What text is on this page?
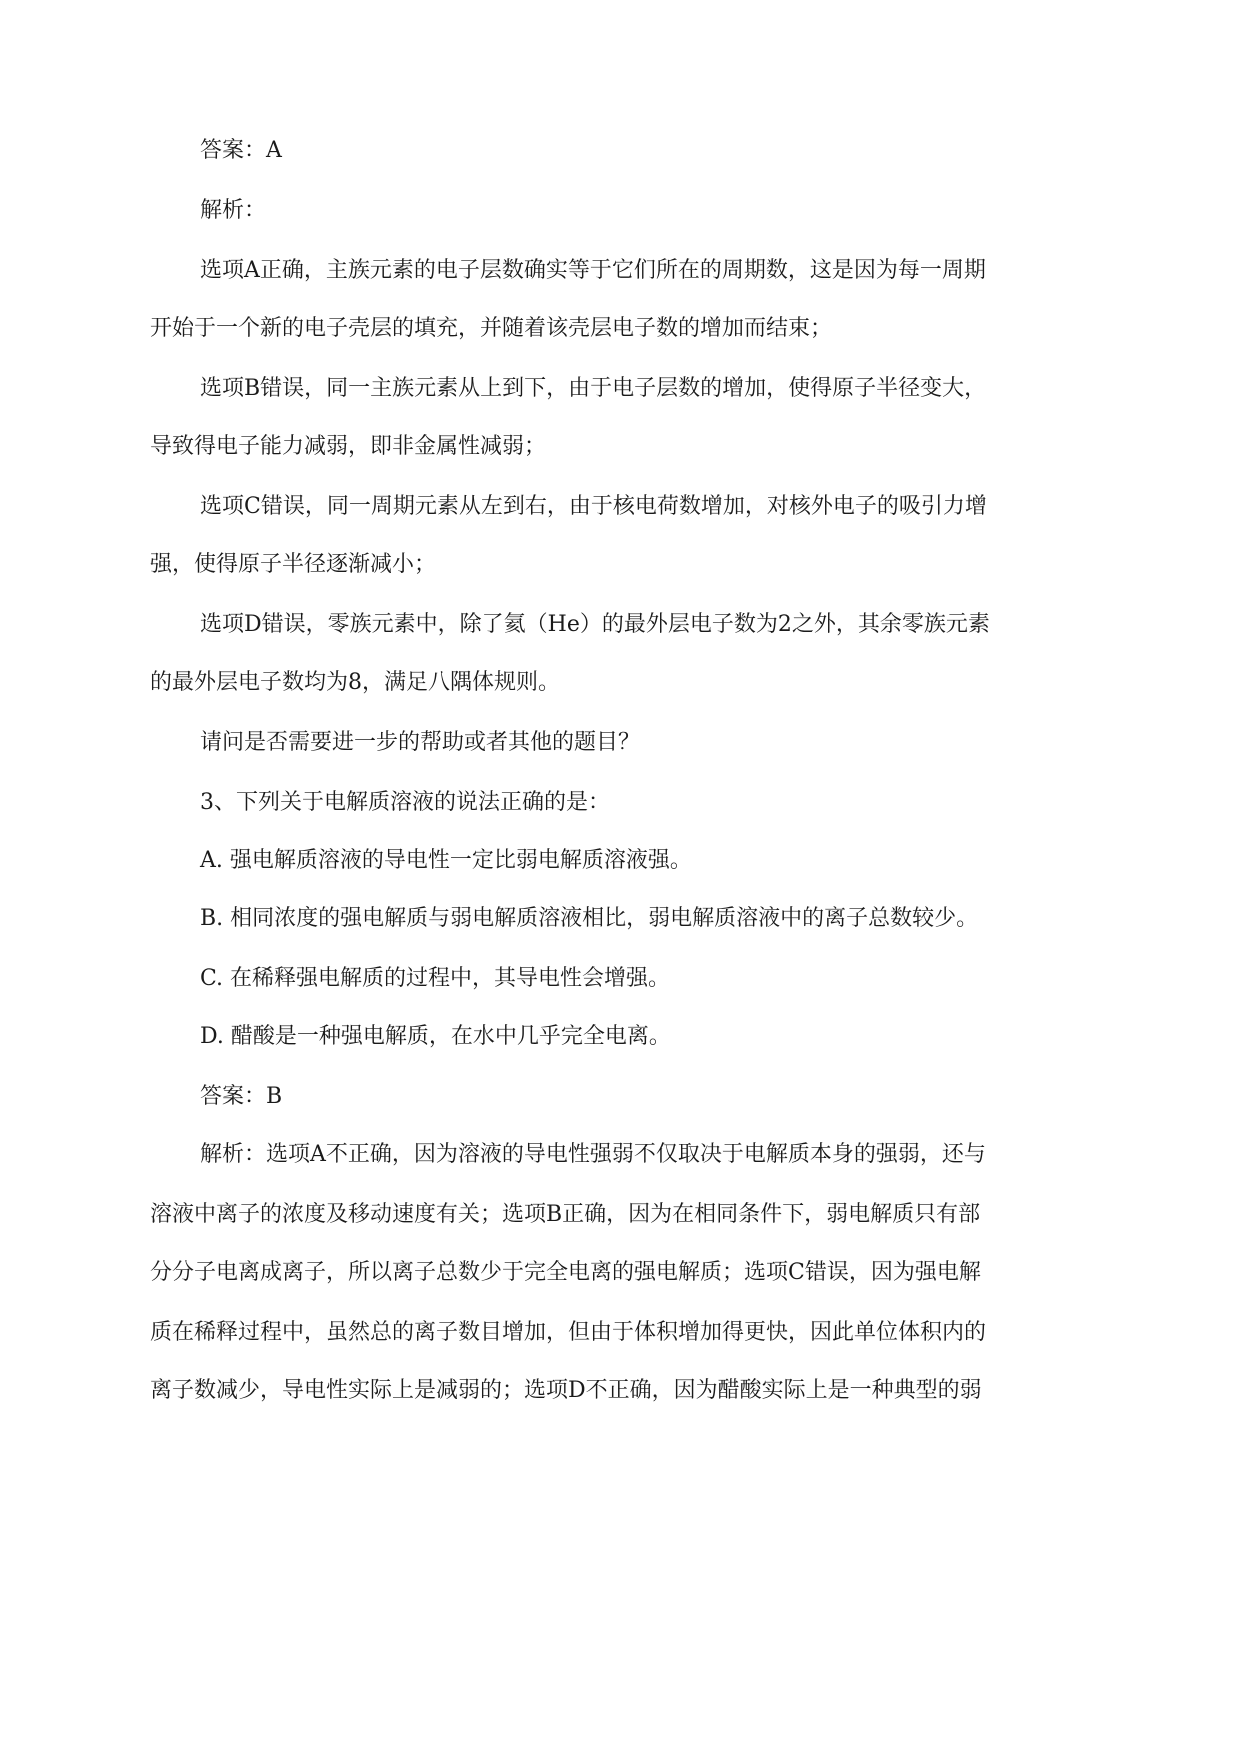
答案：A
解析：
选项A正确，主族元素的电子层数确实等于它们所在的周期数，这是因为每一周期
开始于一个新的电子壳层的填充，并随着该壳层电子数的增加而结束；
选项B错误，同一主族元素从上到下，由于电子层数的增加，使得原子半径变大，
导致得电子能力减弱，即非金属性减弱；
选项C错误，同一周期元素从左到右，由于核电荷数增加，对核外电子的吸引力增
强，使得原子半径逐渐减小；
选项D错误，零族元素中，除了氦（He）的最外层电子数为2之外，其余零族元素
的最外层电子数均为8，满足八隅体规则。
请问是否需要进一步的帮助或者其他的题目？
3、下列关于电解质溶液的说法正确的是：
A. 强电解质溶液的导电性一定比弱电解质溶液强。
B. 相同浓度的强电解质与弱电解质溶液相比，弱电解质溶液中的离子总数较少。
C. 在稀释强电解质的过程中，其导电性会增强。
D. 醋酸是一种强电解质，在水中几乎完全电离。
答案：B
解析：选项A不正确，因为溶液的导电性强弱不仅取决于电解质本身的强弱，还与
溶液中离子的浓度及移动速度有关；选项B正确，因为在相同条件下，弱电解质只有部
分分子电离成离子，所以离子总数少于完全电离的强电解质；选项C错误，因为强电解
质在稀释过程中，虽然总的离子数目增加，但由于体积增加得更快，因此单位体积内的
离子数减少，导电性实际上是减弱的；选项D不正确，因为醋酸实际上是一种典型的弱
